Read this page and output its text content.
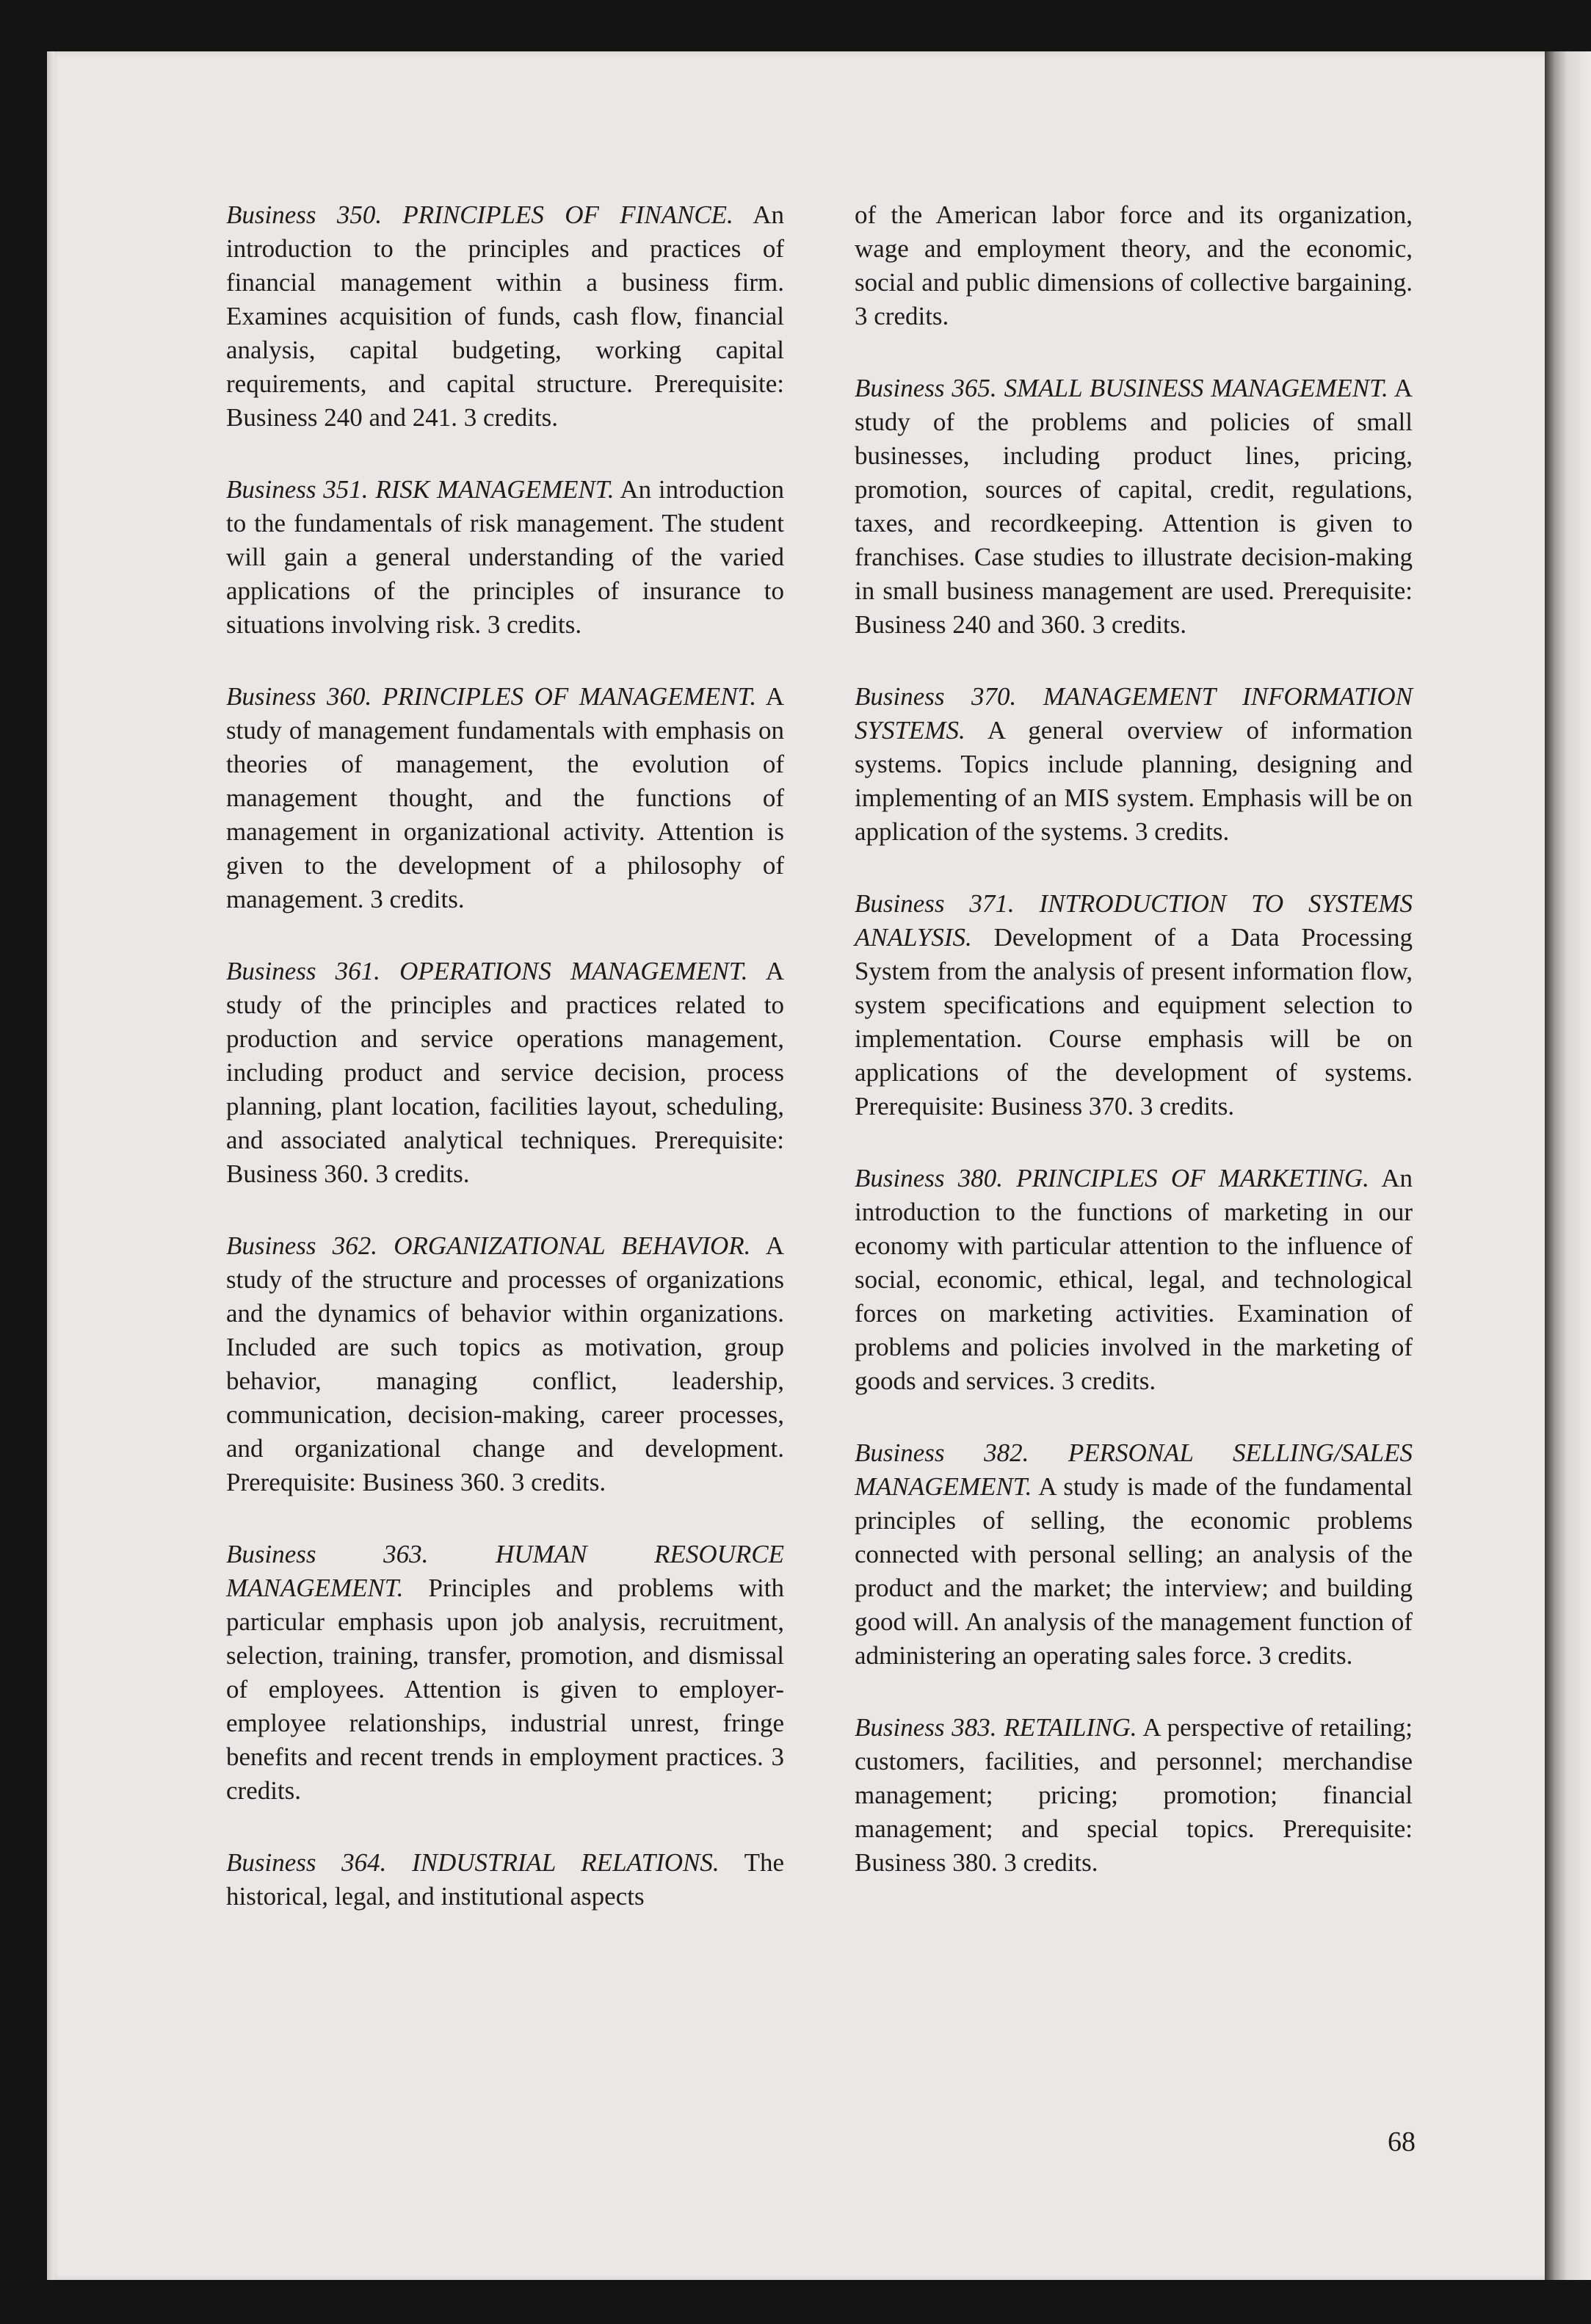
Business 350. PRINCIPLES OF FINANCE. An introduction to the principles and practices of financial management within a business firm. Examines acquisition of funds, cash flow, financial analysis, capital budgeting, working capital requirements, and capital structure. Prerequisite: Business 240 and 241. 3 credits.

Business 351. RISK MANAGEMENT. An introduction to the fundamentals of risk management. The student will gain a general understanding of the varied applications of the principles of insurance to situations involving risk. 3 credits.

Business 360. PRINCIPLES OF MANAGEMENT. A study of management fundamentals with emphasis on theories of management, the evolution of management thought, and the functions of management in organizational activity. Attention is given to the development of a philosophy of management. 3 credits.

Business 361. OPERATIONS MANAGEMENT. A study of the principles and practices related to production and service operations management, including product and service decision, process planning, plant location, facilities layout, scheduling, and associated analytical techniques. Prerequisite: Business 360. 3 credits.

Business 362. ORGANIZATIONAL BEHAVIOR. A study of the structure and processes of organizations and the dynamics of behavior within organizations. Included are such topics as motivation, group behavior, managing conflict, leadership, communication, decision-making, career processes, and organizational change and development. Prerequisite: Business 360. 3 credits.

Business 363. HUMAN RESOURCE MANAGEMENT. Principles and problems with particular emphasis upon job analysis, recruitment, selection, training, transfer, promotion, and dismissal of employees. Attention is given to employer-employee relationships, industrial unrest, fringe benefits and recent trends in employment practices. 3 credits.

Business 364. INDUSTRIAL RELATIONS. The historical, legal, and institutional aspects

of the American labor force and its organization, wage and employment theory, and the economic, social and public dimensions of collective bargaining. 3 credits.

Business 365. SMALL BUSINESS MANAGEMENT. A study of the problems and policies of small businesses, including product lines, pricing, promotion, sources of capital, credit, regulations, taxes, and recordkeeping. Attention is given to franchises. Case studies to illustrate decision-making in small business management are used. Prerequisite: Business 240 and 360. 3 credits.

Business 370. MANAGEMENT INFORMATION SYSTEMS. A general overview of information systems. Topics include planning, designing and implementing of an MIS system. Emphasis will be on application of the systems. 3 credits.

Business 371. INTRODUCTION TO SYSTEMS ANALYSIS. Development of a Data Processing System from the analysis of present information flow, system specifications and equipment selection to implementation. Course emphasis will be on applications of the development of systems. Prerequisite: Business 370. 3 credits.

Business 380. PRINCIPLES OF MARKETING. An introduction to the functions of marketing in our economy with particular attention to the influence of social, economic, ethical, legal, and technological forces on marketing activities. Examination of problems and policies involved in the marketing of goods and services. 3 credits.

Business 382. PERSONAL SELLING/SALES MANAGEMENT. A study is made of the fundamental principles of selling, the economic problems connected with personal selling; an analysis of the product and the market; the interview; and building good will. An analysis of the management function of administering an operating sales force. 3 credits.

Business 383. RETAILING. A perspective of retailing; customers, facilities, and personnel; merchandise management; pricing; promotion; financial management; and special topics. Prerequisite: Business 380. 3 credits.

68
